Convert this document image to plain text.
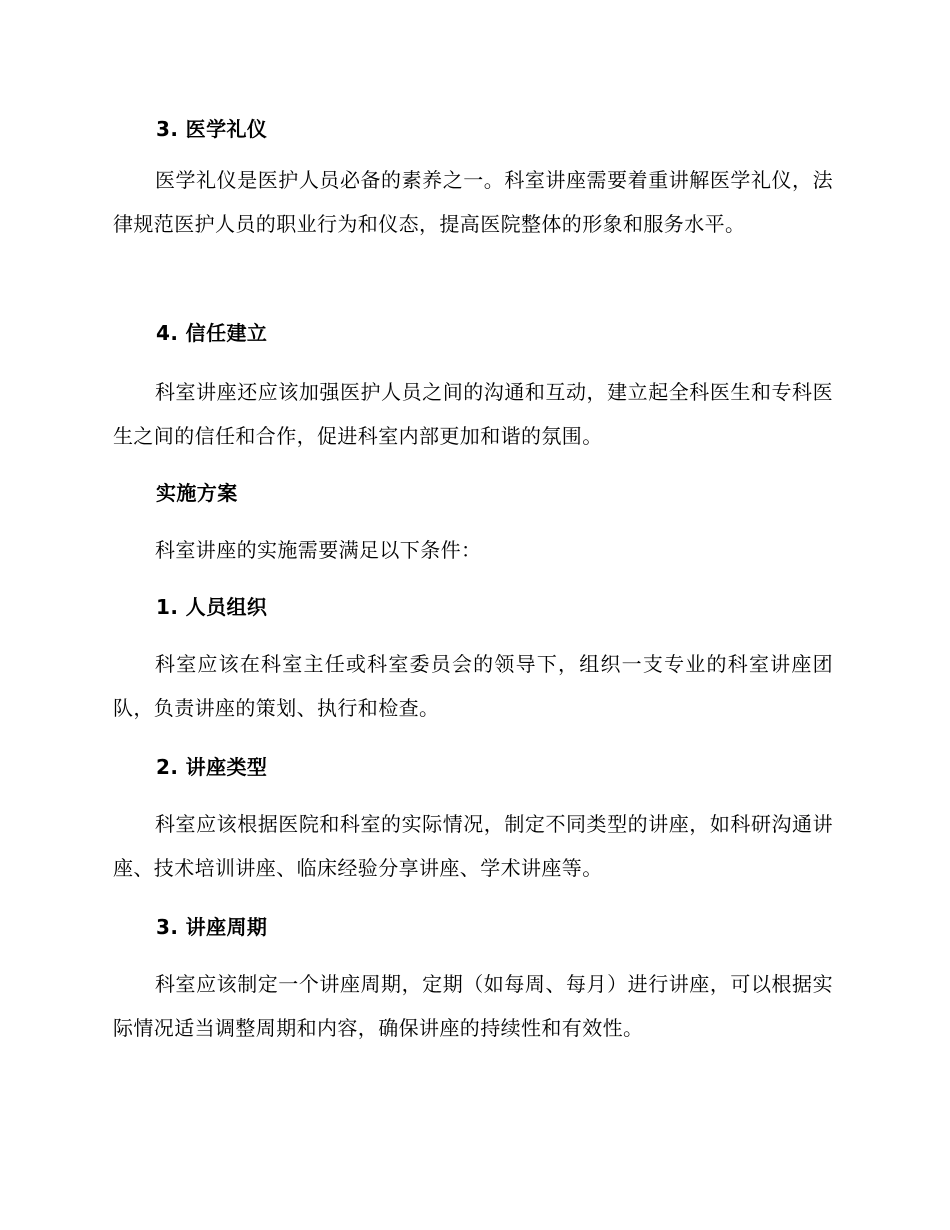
3. 医学礼仪
医学礼仪是医护人员必备的素养之一。科室讲座需要着重讲解医学礼仪，法律规范医护人员的职业行为和仪态，提高医院整体的形象和服务水平。
4. 信任建立
科室讲座还应该加强医护人员之间的沟通和互动，建立起全科医生和专科医生之间的信任和合作，促进科室内部更加和谐的氛围。
实施方案
科室讲座的实施需要满足以下条件：
1. 人员组织
科室应该在科室主任或科室委员会的领导下，组织一支专业的科室讲座团队，负责讲座的策划、执行和检查。
2. 讲座类型
科室应该根据医院和科室的实际情况，制定不同类型的讲座，如科研沟通讲座、技术培训讲座、临床经验分享讲座、学术讲座等。
3. 讲座周期
科室应该制定一个讲座周期，定期（如每周、每月）进行讲座，可以根据实际情况适当调整周期和内容，确保讲座的持续性和有效性。
